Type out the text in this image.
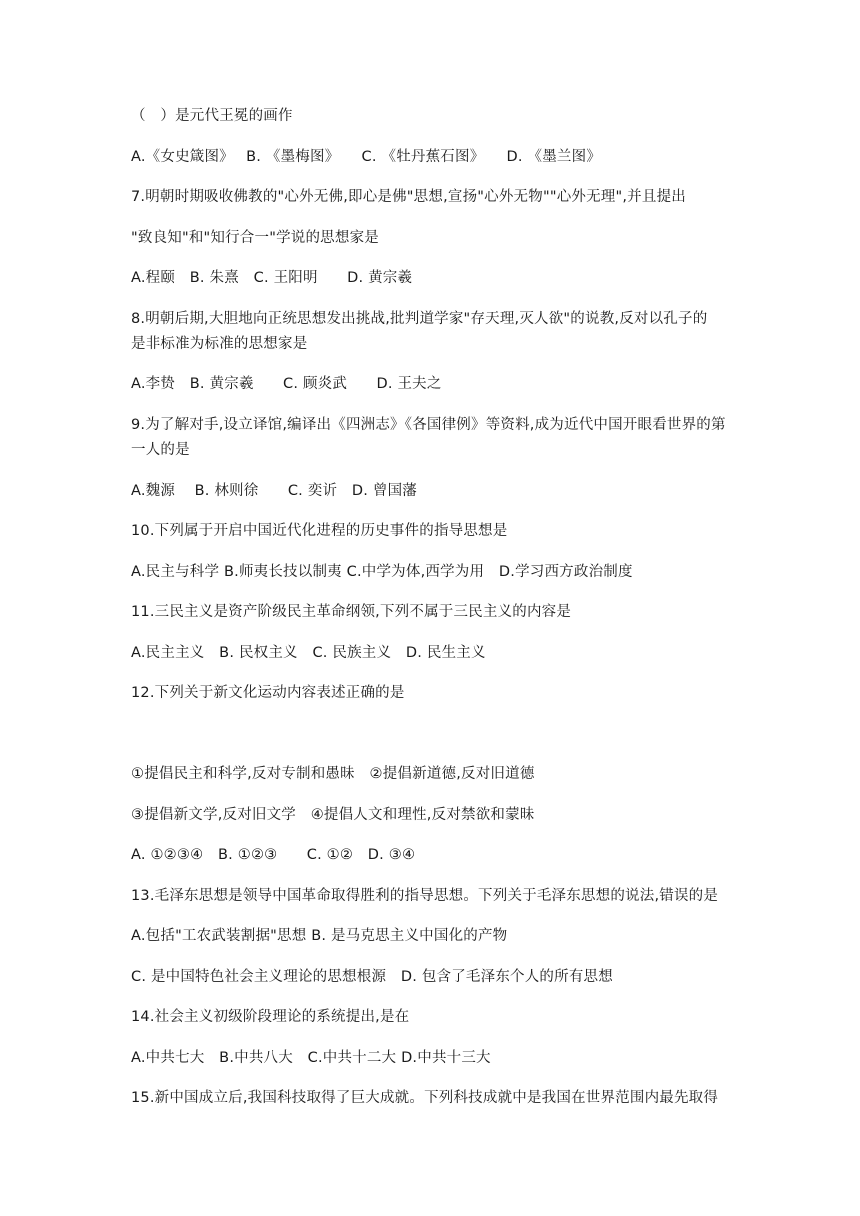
（　）是元代王冕的画作
A.《女史箴图》　 B. 《墨梅图》　　C. 《牡丹蕉石图》　　D. 《墨兰图》
7.明朝时期吸收佛教的"心外无佛,即心是佛"思想,宣扬"心外无物""心外无理",并且提出
"致良知"和"知行合一"学说的思想家是
A.程颐　B. 朱熹　C. 王阳明　　D. 黄宗羲
8.明朝后期,大胆地向正统思想发出挑战,批判道学家"存天理,灭人欲"的说教,反对以孔子的
是非标准为标准的思想家是
A.李贽　B. 黄宗羲　　C. 顾炎武　　D. 王夫之
9.为了解对手,设立译馆,编译出《四洲志》《各国律例》等资料,成为近代中国开眼看世界的第
一人的是
A.魏源　 B. 林则徐　　C. 奕䜣　D. 曾国藩
10.下列属于开启中国近代化进程的历史事件的指导思想是
A.民主与科学 B.师夷长技以制夷 C.中学为体,西学为用　D.学习西方政治制度
11.三民主义是资产阶级民主革命纲领,下列不属于三民主义的内容是
A.民主主义　B. 民权主义　C. 民族主义　D. 民生主义
12.下列关于新文化运动内容表述正确的是
①提倡民主和科学,反对专制和愚昧　②提倡新道德,反对旧道德
③提倡新文学,反对旧文学　④提倡人文和理性,反对禁欲和蒙昧
A. ①②③④　B. ①②③　　C. ①②　D. ③④
13.毛泽东思想是领导中国革命取得胜利的指导思想。下列关于毛泽东思想的说法,错误的是
A.包括"工农武装割据"思想 B. 是马克思主义中国化的产物
C. 是中国特色社会主义理论的思想根源　D. 包含了毛泽东个人的所有思想
14.社会主义初级阶段理论的系统提出,是在
A.中共七大　B.中共八大　C.中共十二大 D.中共十三大
15.新中国成立后,我国科技取得了巨大成就。下列科技成就中是我国在世界范围内最先取得
